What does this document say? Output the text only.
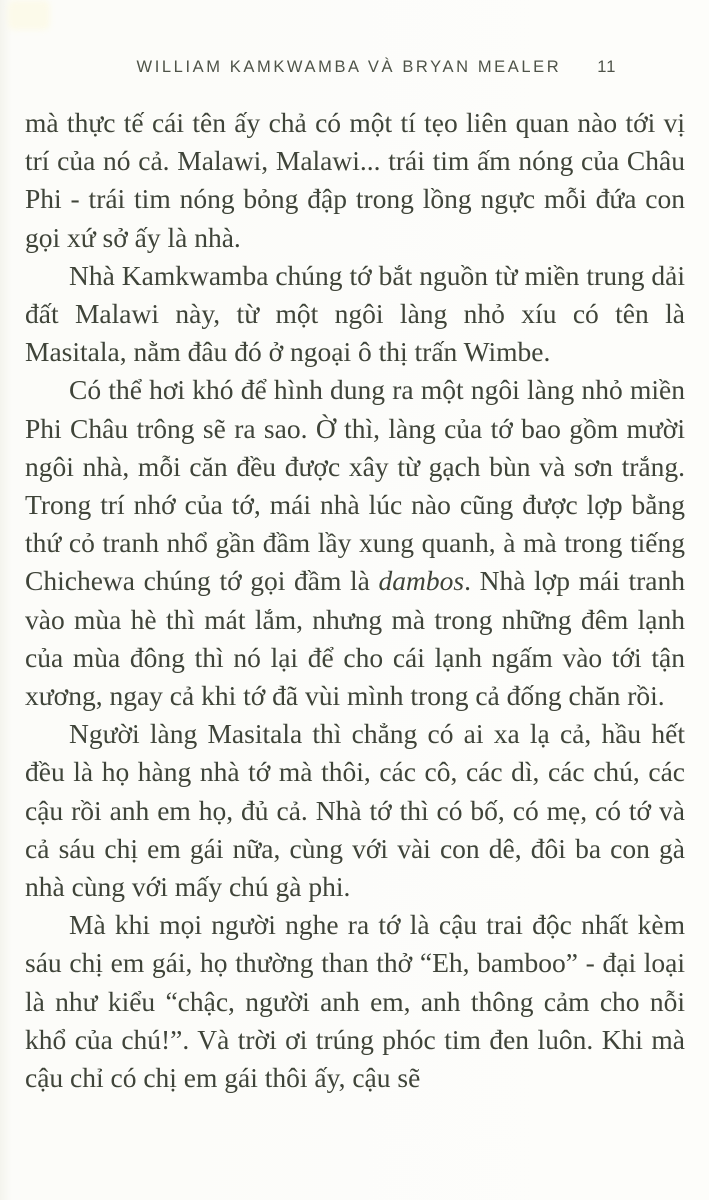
WILLIAM KAMKWAMBA VÀ BRYAN MEALER 11

mà thực tế cái tên ấy chả có một tí tẹo liên quan nào tới vị trí của nó cả. Malawi, Malawi... trái tim ấm nóng của Châu Phi - trái tim nóng bỏng đập trong lồng ngực mỗi đứa con gọi xứ sở ấy là nhà.

Nhà Kamkwamba chúng tớ bắt nguồn từ miền trung dải đất Malawi này, từ một ngôi làng nhỏ xíu có tên là Masitala, nằm đâu đó ở ngoại ô thị trấn Wimbe.

Có thể hơi khó để hình dung ra một ngôi làng nhỏ miền Phi Châu trông sẽ ra sao. Ờ thì, làng của tớ bao gồm mười ngôi nhà, mỗi căn đều được xây từ gạch bùn và sơn trắng. Trong trí nhớ của tớ, mái nhà lúc nào cũng được lợp bằng thứ cỏ tranh nhổ gần đầm lầy xung quanh, à mà trong tiếng Chichewa chúng tớ gọi đầm là dambos. Nhà lợp mái tranh vào mùa hè thì mát lắm, nhưng mà trong những đêm lạnh của mùa đông thì nó lại để cho cái lạnh ngấm vào tới tận xương, ngay cả khi tớ đã vùi mình trong cả đống chăn rồi.

Người làng Masitala thì chẳng có ai xa lạ cả, hầu hết đều là họ hàng nhà tớ mà thôi, các cô, các dì, các chú, các cậu rồi anh em họ, đủ cả. Nhà tớ thì có bố, có mẹ, có tớ và cả sáu chị em gái nữa, cùng với vài con dê, đôi ba con gà nhà cùng với mấy chú gà phi.

Mà khi mọi người nghe ra tớ là cậu trai độc nhất kèm sáu chị em gái, họ thường than thở “Eh, bamboo” - đại loại là như kiểu “chậc, người anh em, anh thông cảm cho nỗi khổ của chú!”. Và trời ơi trúng phóc tim đen luôn. Khi mà cậu chỉ có chị em gái thôi ấy, cậu sẽ
